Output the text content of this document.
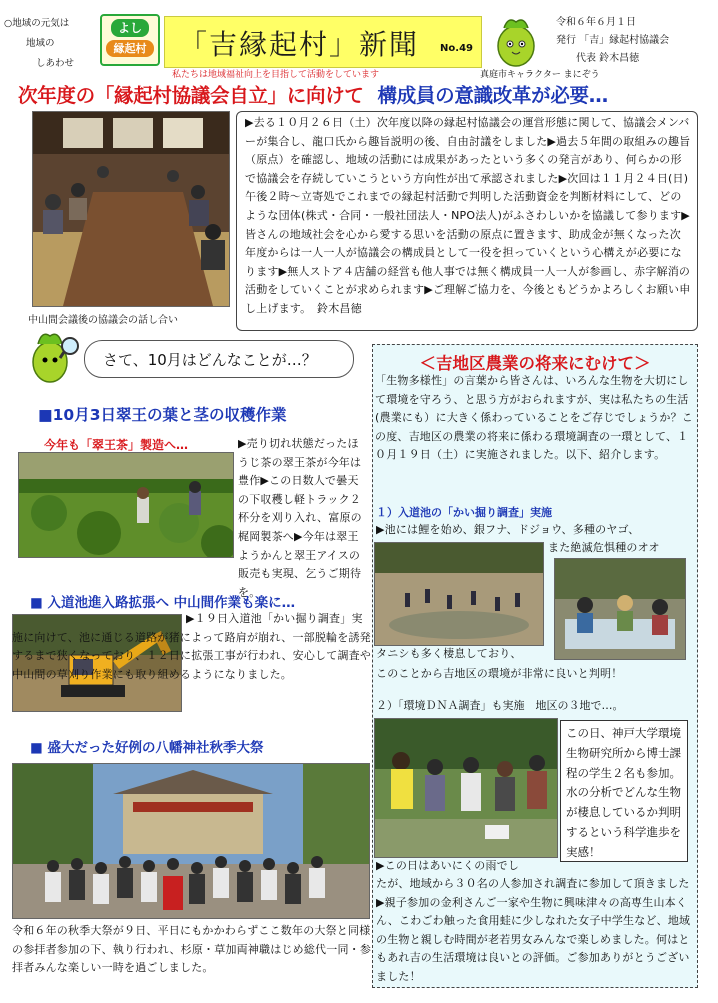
○地域の元気は
地域の
しあわせ
よし
縁起村 「吉縁起村」新聞 No.49
令和６年６月１日
発行 「吉」縁起村協議会
代表 鈴木昌徳
私たちは地域福祉向上を目指して活動をしています	真庭市キャラクター まにぞう
次年度の「縁起村協議会自立」に向けて 構成員の意識改革が必要…
中山間会議後の協議会の話し合い
▶去る１０月２６日（土）次年度以降の縁起村協議会の運営形態に関して、協議会メンバーが集合し、龍口氏から趣旨説明の後、自由討議をしました▶過去５年間の取組みの趣旨（原点）を確認し、地域の活動には成果があったという多くの発言があり、何らかの形で協議会を存続していこうという方向性が出て承認されました▶次回は１１月２４日(日)午後２時～立寄処でこれまでの縁起村活動で判明した活動資金を判断材料にして、どのような団体(株式・合同・一般社団法人・NPO法人)がふさわしいかを協議して参ります▶皆さんの地域社会を心から愛する思いを活動の原点に置きます、助成金が無くなった次年度からは一人一人が協議会の構成員として一役を担っていくという心構えが必要になります▶無人ストア４店舗の経営も他人事では無く構成員一人一人が参画し、赤字解消の活動をしていくことが求められます▶ご理解ご協力を、今後ともどうかよろしくお願い申し上げます。　鈴木昌徳
さて、10月はどんなことが…？
■10月3日翠王の葉と茎の収穫作業
今年も「翠王茶」製造へ…	▶売り切れ状態だったほうじ茶の翠王茶が今年は豊作▶この日数人で曇天の下収穫し軽トラック２杯分を刈り入れ、富原の梶岡製茶へ▶今年は翠王ようかんと翠王アイスの販売も実現、乞うご期待を。
■ 入道池進入路拡張へ 中山間作業も楽に…
▶１９日入道池「かい掘り調査」実施に向けて、池に通じる道路が猪によって路肩が崩れ、一部脱輪を誘発するまで狭くなっており、１２日に拡張工事が行われ、安心して調査や中山間の草刈り作業にも取り組めるようになりました。
■ 盛大だった好例の八幡神社秋季大祭
令和６年の秋季大祭が９日、平日にもかかわらずここ数年の大祭と同様の参拝者参加の下、執り行われ、杉原・草加両神職はじめ総代一同・参拝者みんな楽しい一時を過ごしました。
＜吉地区農業の将来にむけて＞
「生物多様性」の言葉から皆さんは、いろんな生物を大切にして環境を守ろう、と思う方がおられますが、実は私たちの生活(農業にも）に大きく係わっていることをご存じでしょうか？この度、吉地区の農業の将来に係わる環境調査の一環として、１０月１９日（土）に実施されました。以下、紹介します。
１）入道池の「かい掘り調査」実施
▶池には鯉を始め、銀フナ、ドジョウ、多種のヤゴ、
また絶滅危惧種のオオ
タニシも多く棲息しており、
このことから吉地区の環境が非常に良いと判明！
２）「環境ＤＮＡ調査」も実施　地区の３地で…。
この日、神戸大学環境生物研究所から博士課程の学生２名も参加。水の分析でどんな生物が棲息しているか判明するという科学進歩を実感！
▶この日はあいにくの雨でし
たが、地域から３０名の人参加され調査に参加して頂きました▶親子参加の金利さんご一家や生物に興味津々の高専生山本くん、こわごわ触った食用蛙に少しなれた女子中学生など、地域の生物と親しむ時間が老若男女みんなで楽しめました。何はともあれ吉の生活環境は良いとの評価。ご参加ありがとうございました！
